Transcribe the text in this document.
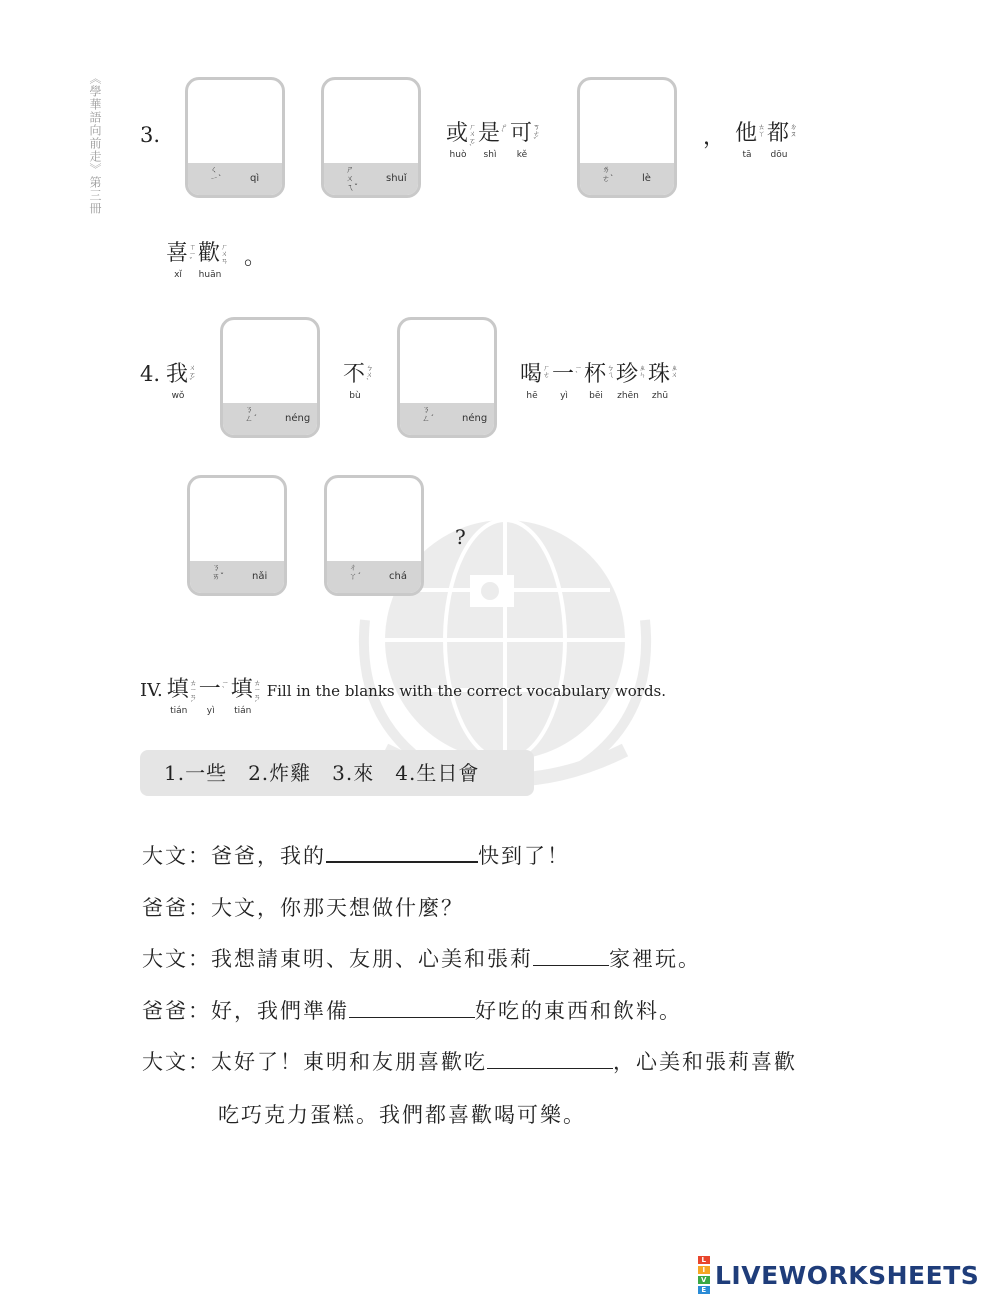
《學華語向前走》第三冊 3.
ㄑㄧˋ	qì
ㄕㄨㄟˇ
shuǐ
或 ㄏㄨㄛˋ
huò
是 ㄕˋ
shì
可 ㄎㄜˇ
kě
ㄌㄜˋ	lè
， 他 ㄊㄚ
tā
都 ㄉㄡ
dōu
喜 ㄒㄧˇ
xǐ
歡 ㄏㄨㄢ
huān
。
4. 我 ㄨㄛˇ
wǒ
ㄋㄥˊ	néng
不 ㄅㄨˋ
bù
ㄋㄥˊ	néng
喝 ㄏㄜ
hē
一 ㄧˋ
yì
杯 ㄅㄟ
bēi
珍 ㄓㄣ
zhēn
珠 ㄓㄨ
zhū
ㄋㄞˇ	nǎi
ㄔㄚˊ	chá
?
IV. 填 ㄊㄧㄢˊ
tián
一 ㄧˋ
yì
填 ㄊㄧㄢˊ
tián
Fill in the blanks with the correct vocabulary words.
1.一些　2.炸雞　3.來　4.生日會
大文：爸爸，我的	快到了！
爸爸：大文，你那天想做什麼？
大文：我想請東明、友朋、心美和張莉	家裡玩。
爸爸：好，我們準備	好吃的東西和飲料。
大文：太好了！東明和友朋喜歡吃	，心美和張莉喜歡
吃巧克力蛋糕。我們都喜歡喝可樂。
L
I
V
E
LIVEWORKSHEETS
